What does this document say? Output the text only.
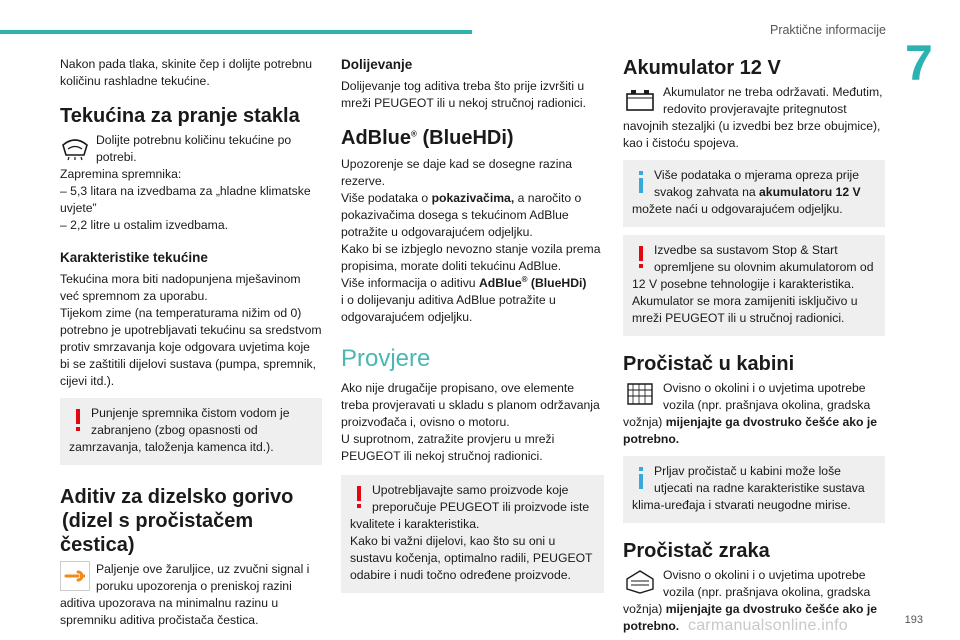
Praktične informacije
7

Nakon pada tlaka, skinite čep i dolijte potrebnu količinu rashladne tekućine.

Tekućina za pranje stakla

Dolijte potrebnu količinu tekućine po potrebi.

Zapremina spremnika:

– 5,3 litara na izvedbama za „hladne klimatske uvjete”

– 2,2 litre u ostalim izvedbama.

Karakteristike tekućine

Tekućina mora biti nadopunjena mješavinom već spremnom za uporabu.

Tijekom zime (na temperaturama nižim od 0) potrebno je upotrebljavati tekućinu sa sredstvom protiv smrzavanja koje odgovara uvjetima koje bi se zaštitili dijelovi sustava (pumpa, spremnik, cijevi itd.).

Punjenje spremnika čistom vodom je zabranjeno (zbog opasnosti od zamrzavanja, taloženja kamenca itd.).

Aditiv za dizelsko gorivo
(dizel s pročistačem čestica)

Paljenje ove žaruljice, uz zvučni signal i poruku upozorenja o preniskoj razini aditiva upozorava na minimalnu razinu u spremniku aditiva pročistača čestica.

Dolijevanje

Dolijevanje tog aditiva treba što prije izvršiti u mreži PEUGEOT ili u nekoj stručnoj radionici.

AdBlue® (BlueHDi)

Upozorenje se daje kad se dosegne razina rezerve.

Više podataka o pokazivačima, a naročito o pokazivačima dosega s tekućinom AdBlue potražite u odgovarajućem odjeljku.

Kako bi se izbjeglo nevozno stanje vozila prema propisima, morate doliti tekućinu AdBlue.

Više informacija o aditivu AdBlue® (BlueHDi)
i o dolijevanju aditiva AdBlue potražite u odgovarajućem odjeljku.

Provjere

Ako nije drugačije propisano, ove elemente treba provjeravati u skladu s planom održavanja proizvođača i, ovisno o motoru.

U suprotnom, zatražite provjeru u mreži PEUGEOT ili nekoj stručnoj radionici.

Upotrebljavajte samo proizvode koje preporučuje PEUGEOT ili proizvode iste kvalitete i karakteristika.

Kako bi važni dijelovi, kao što su oni u sustavu kočenja, optimalno radili, PEUGEOT odabire i nudi točno određene proizvode.

Akumulator 12 V

Akumulator ne treba održavati. Međutim, redovito provjeravajte pritegnutost navojnih stezaljki (u izvedbi bez brze obujmice), kao i čistoću spojeva.

Više podataka o mjerama opreza prije svakog zahvata na akumulatoru 12 V možete naći u odgovarajućem odjeljku.

Izvedbe sa sustavom Stop & Start opremljene su olovnim akumulatorom od 12 V posebne tehnologije i karakteristika.

Akumulator se mora zamijeniti isključivo u mreži PEUGEOT ili u stručnoj radionici.

Pročistač u kabini

Ovisno o okolini i o uvjetima upotrebe vozila (npr. prašnjava okolina, gradska vožnja) mijenjajte ga dvostruko češće ako je potrebno.

Prljav pročistač u kabini može loše utjecati na radne karakteristike sustava klima-uređaja i stvarati neugodne mirise.

Pročistač zraka

Ovisno o okolini i o uvjetima upotrebe vozila (npr. prašnjava okolina, gradska vožnja) mijenjajte ga dvostruko češće ako je potrebno. carmanualsonline.info	193
